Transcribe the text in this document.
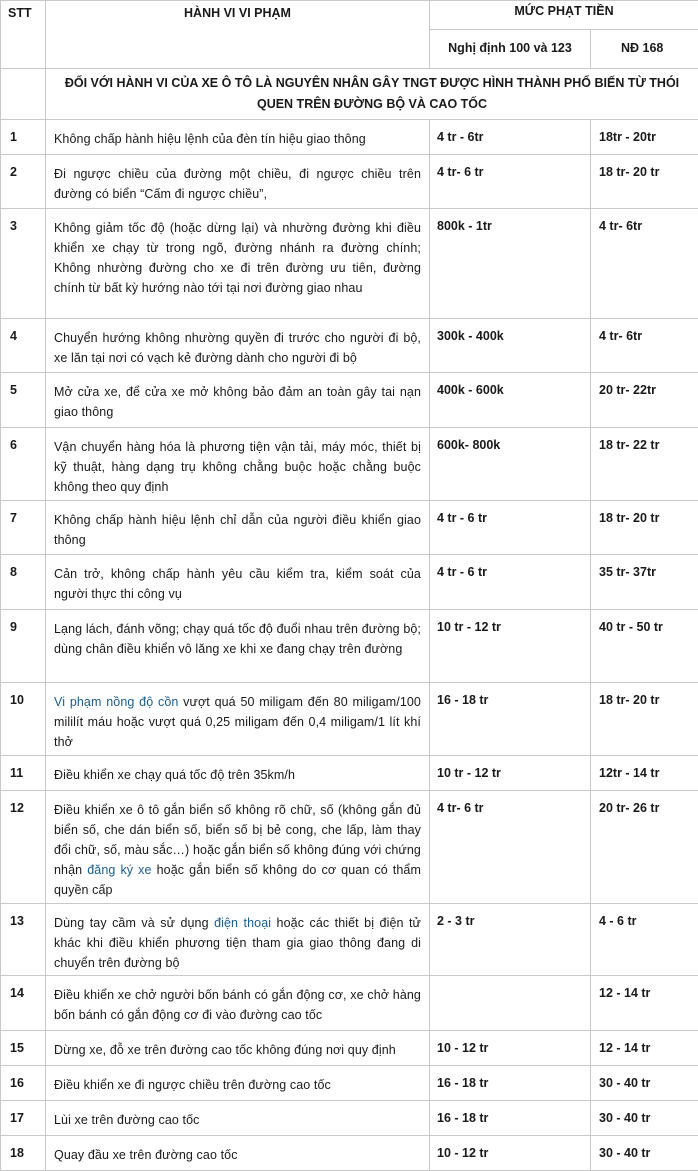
STT	HÀNH VI VI PHẠM	MỨC PHẠT TIỀN	
		Nghị định 100 và 123	NĐ 168
	ĐỐI VỚI HÀNH VI CỦA XE Ô TÔ LÀ NGUYÊN NHÂN GÂY TNGT ĐƯỢC HÌNH THÀNH PHỔ BIẾN TỪ THÓI QUEN TRÊN ĐƯỜNG BỘ VÀ CAO TỐC		
1	Không chấp hành hiệu lệnh của đèn tín hiệu giao thông	4 tr - 6tr	18tr - 20tr
2	Đi ngược chiều của đường một chiều, đi ngược chiều trên đường có biển “Cấm đi ngược chiều”,	4 tr- 6 tr	18 tr- 20 tr
3	Không giảm tốc độ (hoặc dừng lại) và nhường đường khi điều khiển xe chạy từ trong ngõ, đường nhánh ra đường chính; Không nhường đường cho xe đi trên đường ưu tiên, đường chính từ bất kỳ hướng nào tới tại nơi đường giao nhau	800k - 1tr	4 tr- 6tr
4	Chuyển hướng không nhường quyền đi trước cho người đi bộ, xe lăn tại nơi có vạch kẻ đường dành cho người đi bộ	300k - 400k	4 tr- 6tr
5	Mở cửa xe, để cửa xe mở không bảo đảm an toàn gây tai nạn giao thông	400k - 600k	20 tr- 22tr
6	Vận chuyển hàng hóa là phương tiện vận tải, máy móc, thiết bị kỹ thuật, hàng dạng trụ không chằng buộc hoặc chằng buộc không theo quy định	600k- 800k	18 tr- 22 tr
7	Không chấp hành hiệu lệnh chỉ dẫn của người điều khiển giao thông	4 tr - 6 tr	18 tr- 20 tr
8	Cản trở, không chấp hành yêu cầu kiểm tra, kiểm soát của người thực thi công vụ	4 tr - 6 tr	35 tr- 37tr
9	Lạng lách, đánh võng; chạy quá tốc độ đuổi nhau trên đường bộ; dùng chân điều khiển vô lăng xe khi xe đang chạy trên đường	10 tr - 12 tr	40 tr - 50 tr
10	Vi phạm nồng độ cồn vượt quá 50 miligam đến 80 miligam/100 mililít máu hoặc vượt quá 0,25 miligam đến 0,4 miligam/1 lít khí thở	16 - 18 tr	18 tr- 20 tr
11	Điều khiển xe chạy quá tốc độ trên 35km/h	10 tr - 12 tr	12tr - 14 tr
12	Điều khiển xe ô tô gắn biển số không rõ chữ, số (không gắn đủ biển số, che dán biển số, biển số bị bẻ cong, che lấp, làm thay đổi chữ, số, màu sắc…) hoặc gắn biển số không đúng với chứng nhận đăng ký xe hoặc gắn biển số không do cơ quan có thẩm quyền cấp	4 tr- 6 tr	20 tr- 26 tr
13	Dùng tay cầm và sử dụng điện thoại hoặc các thiết bị điện tử khác khi điều khiển phương tiện tham gia giao thông đang di chuyển trên đường bộ	2 - 3 tr	4 - 6 tr
14	Điều khiển xe chở người bốn bánh có gắn động cơ, xe chở hàng bốn bánh có gắn động cơ đi vào đường cao tốc		12 - 14 tr
15	Dừng xe, đỗ xe trên đường cao tốc không đúng nơi quy định	10 - 12 tr	12 - 14 tr
16	Điều khiển xe đi ngược chiều trên đường cao tốc	16 - 18 tr	30 - 40 tr
17	Lùi xe trên đường cao tốc	16 - 18 tr	30 - 40 tr
18	Quay đầu xe trên đường cao tốc	10 - 12 tr	30 - 40 tr
